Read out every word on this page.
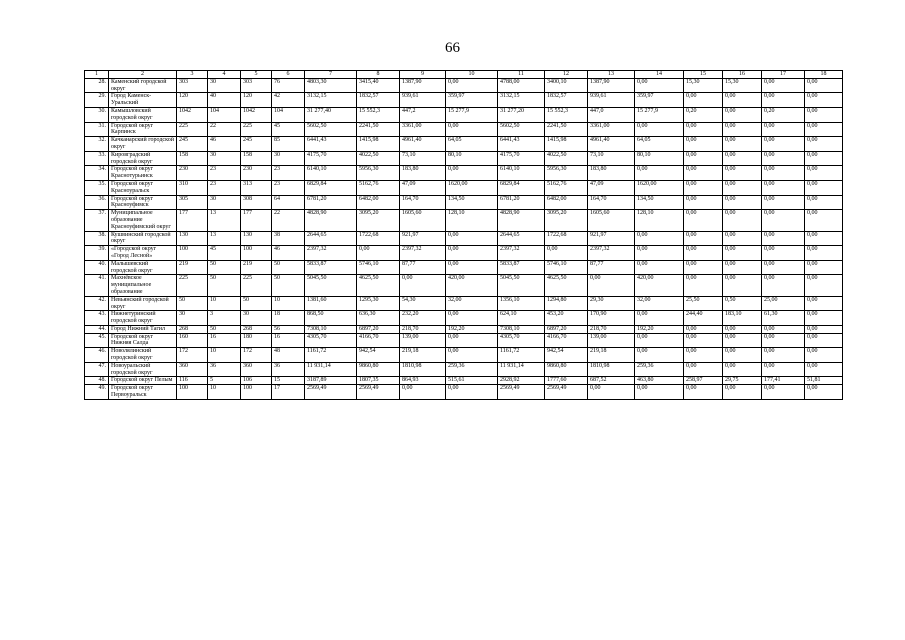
66
1	2	3	4	5	6	7	8	9	10	11	12	13	14	15	16	17	18
28.	Каменский городской округ	303	30	303	76	4803,30	3415,40	1387,90	0,00	4788,00	3400,10	1387,90	0,00	15,30	15,30	0,00	0,00
29.	Город Каменск-Уральский	120	40	120	42	3132,15	1832,57	939,61	359,97	3132,15	1832,57	939,61	359,97	0,00	0,00	0,00	0,00
30.	Камышловский городской округ	1042	104	1042	104	31 277,40	15 552,3	447,2	15 277,9	31 277,20	15 552,3	447,0	15 277,9	0,20	0,00	0,20	0,00
31.	Городской округ Карпинск	225	22	225	45	5602,50	2241,50	3361,00	0,00	5602,50	2241,50	3361,00	0,00	0,00	0,00	0,00	0,00
32.	Качканарский городской округ	245	46	245	85	6441,43	1415,98	4961,40	64,05	6441,43	1415,98	4961,40	64,05	0,00	0,00	0,00	0,00
33.	Кировградский городской округ	158	30	158	30	4175,70	4022,50	73,10	80,10	4175,70	4022,50	73,10	80,10	0,00	0,00	0,00	0,00
34.	Городской округ Краснотурьинск	230	23	230	23	6140,10	5956,30	183,80	0,00	6140,10	5956,30	183,80	0,00	0,00	0,00	0,00	0,00
35.	Городской округ Красноуральск	310	23	313	23	6829,84	5162,76	47,09	1620,00	6829,84	5162,76	47,09	1620,00	0,00	0,00	0,00	0,00
36.	Городской округ Красноуфимск	305	30	308	64	6781,20	6482,00	164,70	134,50	6781,20	6482,00	164,70	134,50	0,00	0,00	0,00	0,00
37.	Муниципальное образование Красноуфимский округ	177	13	177	22	4828,90	3095,20	1605,60	128,10	4828,90	3095,20	1605,60	128,10	0,00	0,00	0,00	0,00
38.	Кушвинский городской округ	130	13	130	38	2644,65	1722,68	921,97	0,00	2644,65	1722,68	921,97	0,00	0,00	0,00	0,00	0,00
39.	«Городской округ «Город Лесной»	100	45	100	46	2397,32	0,00	2397,32	0,00	2397,32	0,00	2397,32	0,00	0,00	0,00	0,00	0,00
40.	Малышевский городской округ	219	50	219	50	5833,87	5746,10	87,77	0,00	5833,87	5746,10	87,77	0,00	0,00	0,00	0,00	0,00
41.	Махнёвское муниципальное образование	225	50	225	50	5045,50	4625,50	0,00	420,00	5045,50	4625,50	0,00	420,00	0,00	0,00	0,00	0,00
42.	Невьянский городской округ	50	10	50	10	1381,60	1295,30	54,30	32,00	1356,10	1294,80	29,30	32,00	25,50	0,50	25,00	0,00
43.	Нижнетуринский городской округ	30	3	30	18	868,50	636,30	232,20	0,00	624,10	453,20	170,90	0,00	244,40	183,10	61,30	0,00
44.	Город Нижний Тагил	268	50	268	56	7308,10	6897,20	218,70	192,20	7308,10	6897,20	218,70	192,20	0,00	0,00	0,00	0,00
45.	Городской округ Нижняя Салда	160	16	180	16	4305,70	4166,70	139,00	0,00	4305,70	4166,70	139,00	0,00	0,00	0,00	0,00	0,00
46.	Новолялинский городской округ	172	10	172	48	1161,72	942,54	219,18	0,00	1161,72	942,54	219,18	0,00	0,00	0,00	0,00	0,00
47.	Новоуральский городской округ	360	36	360	36	11 931,14	9860,80	1810,98	259,36	11 931,14	9860,80	1810,98	259,36	0,00	0,00	0,00	0,00
48.	Городской округ Пелым	116	5	106	15	3187,89	1807,35	864,93	515,61	2928,92	1777,60	687,52	463,80	258,97	29,75	177,41	51,81
49.	Городской округ Первоуральск	100	10	100	17	2569,49	2569,49	0,00	0,00	2569,49	2569,49	0,00	0,00	0,00	0,00	0,00	0,00
